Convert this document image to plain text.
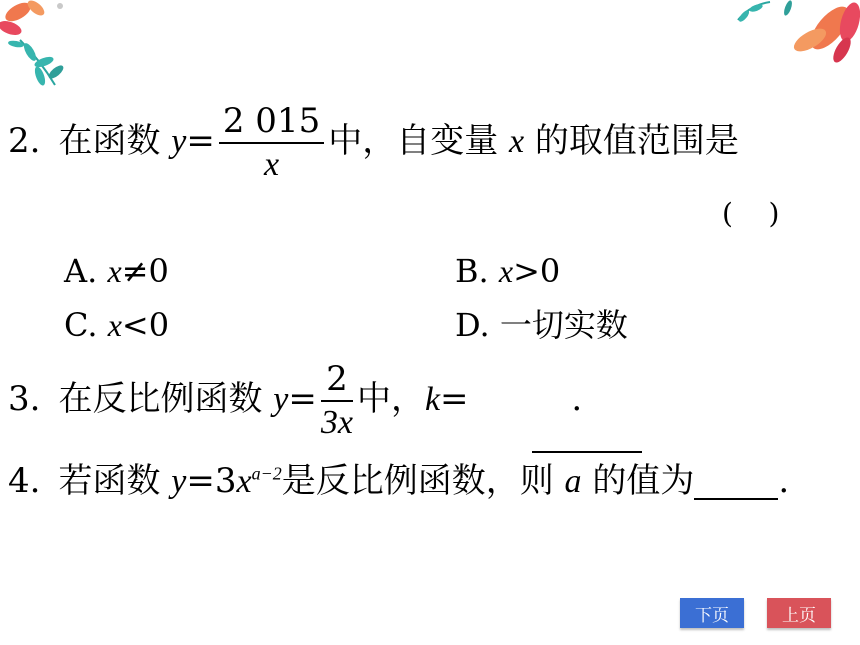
2. 在函数 $y= \frac{2 015}{x}$ 中，自变量 x 的取值范围是
(    )
A. x≠0	B. x>0
C. x<0	D. 一切实数
3. 在反比例函数 $y= \frac{2}{3x}$ 中，k=	.
4. 若函数 $y=3x^{a-2}$是反比例函数，则 a 的值为 .
下页	上页
